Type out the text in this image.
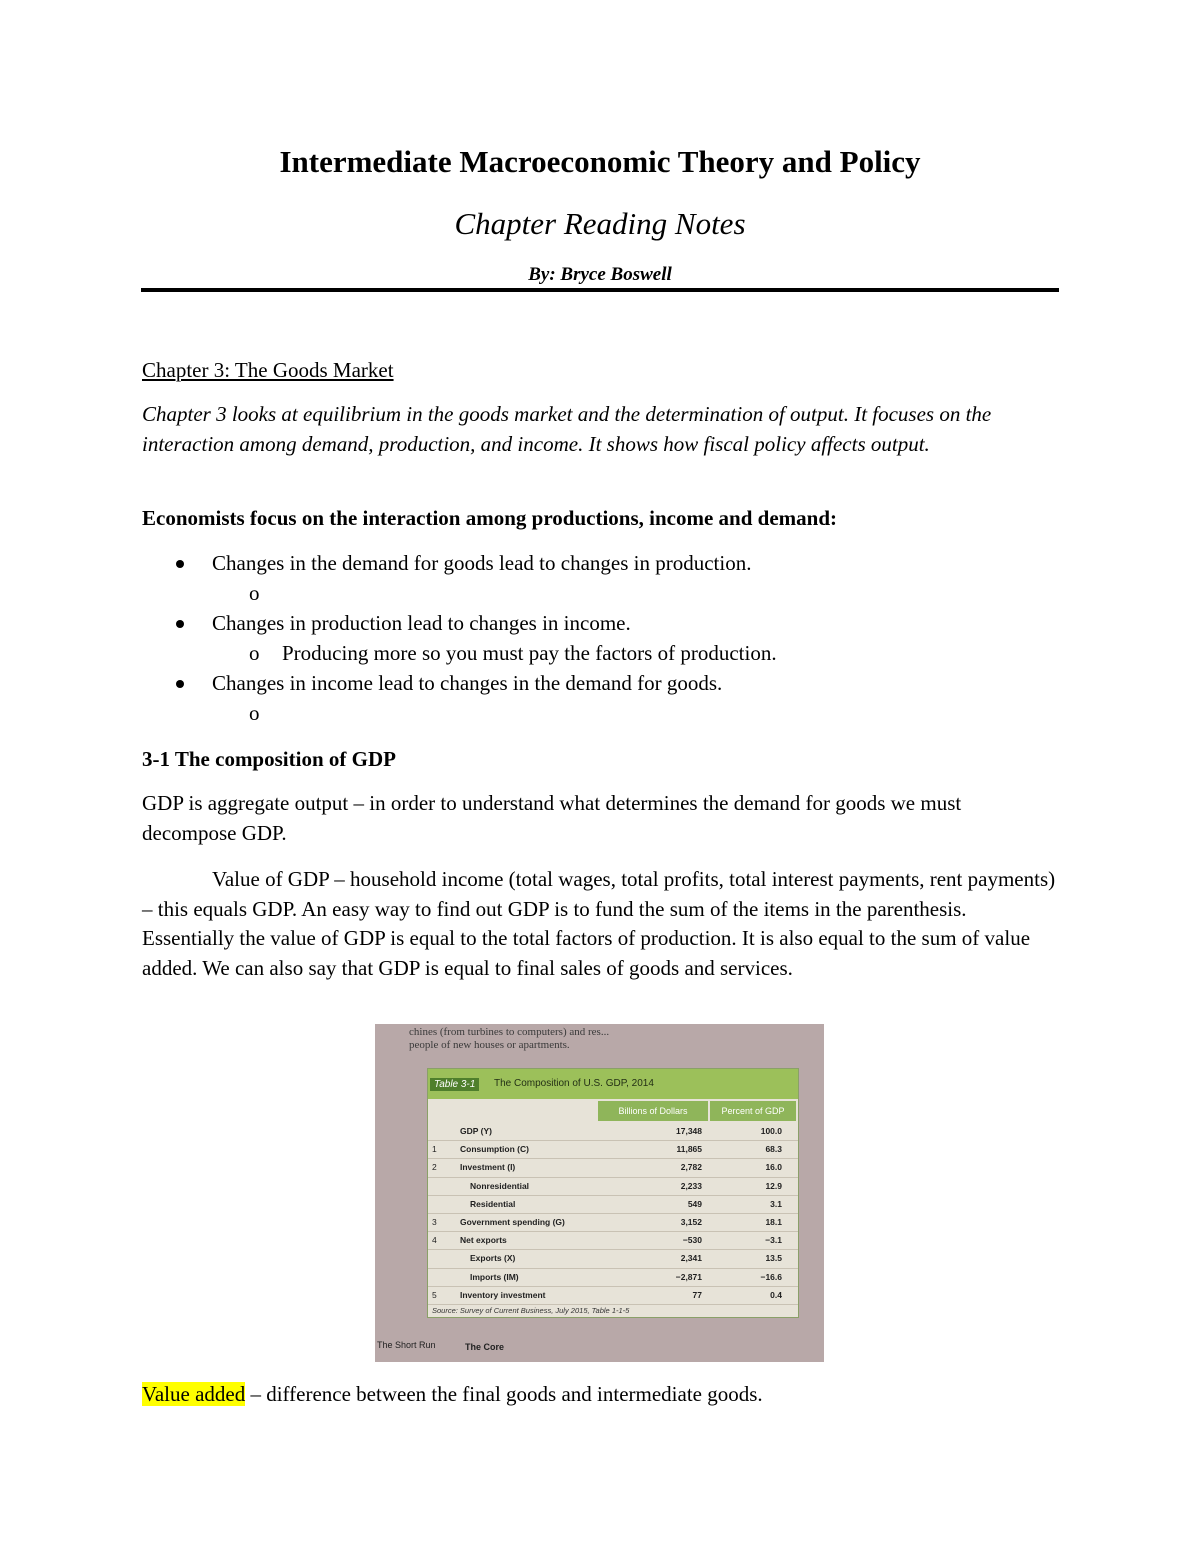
Intermediate Macroeconomic Theory and Policy
Chapter Reading Notes
By: Bryce Boswell
Chapter 3: The Goods Market
Chapter 3 looks at equilibrium in the goods market and the determination of output. It focuses on the interaction among demand, production, and income. It shows how fiscal policy affects output.
Economists focus on the interaction among productions, income and demand:
Changes in the demand for goods lead to changes in production.
o
Changes in production lead to changes in income.
o Producing more so you must pay the factors of production.
Changes in income lead to changes in the demand for goods.
o
3-1 The composition of GDP
GDP is aggregate output – in order to understand what determines the demand for goods we must decompose GDP.
Value of GDP – household income (total wages, total profits, total interest payments, rent payments) – this equals GDP. An easy way to find out GDP is to fund the sum of the items in the parenthesis. Essentially the value of GDP is equal to the total factors of production. It is also equal to the sum of value added. We can also say that GDP is equal to final sales of goods and services.
chines (from turbines to computers) and res...
people of new houses or apartments.
Table 3-1	The Composition of U.S. GDP, 2014
Billions of Dollars	Percent of GDP
GDP (Y)	17,348	100.0
1	Consumption (C)	11,865	68.3
2	Investment (I)	2,782	16.0
Nonresidential	2,233	12.9
Residential	549	3.1
3	Government spending (G)	3,152	18.1
4	Net exports	−530	−3.1
Exports (X)	2,341	13.5
Imports (IM)	−2,871	−16.6
5	Inventory investment	77	0.4
Source: Survey of Current Business, July 2015, Table 1-1-5
The Short Run	The Core
Value added – difference between the final goods and intermediate goods.
